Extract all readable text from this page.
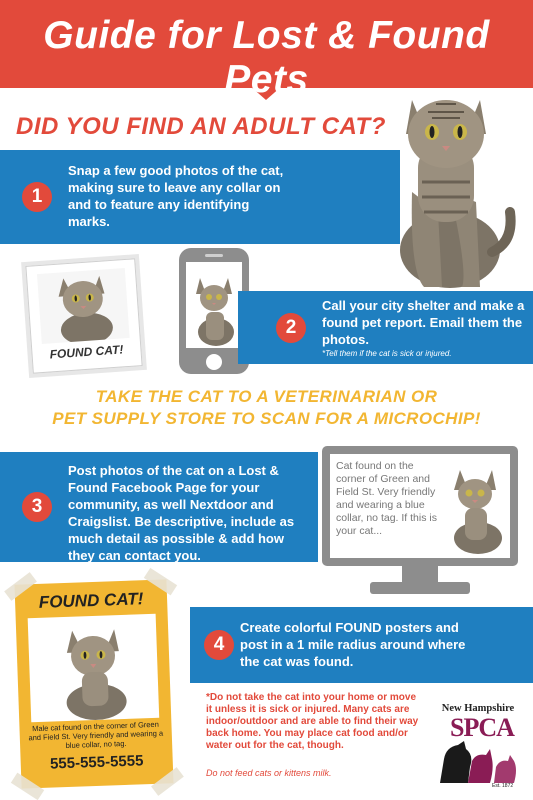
Guide for Lost & Found Pets
DID YOU FIND AN ADULT CAT?
1
Snap a few good photos of the cat, making sure to leave any collar on and to feature any identifying marks.
FOUND CAT!
2
Call your city shelter and make a found pet report. Email them the photos.
*Tell them if the cat is sick or injured.
TAKE THE CAT TO A VETERINARIAN OR
PET SUPPLY STORE TO SCAN FOR A MICROCHIP!
3
Post photos of the cat on a Lost & Found Facebook Page for your community, as well Nextdoor and Craigslist. Be descriptive, include as much detail as possible & add how they can contact you.
Cat found on the corner of Green and Field St. Very friendly and wearing a blue collar, no tag. If this is your cat...
FOUND CAT!
Male cat found on the corner of Green and Field St. Very friendly and wearing a blue collar, no tag.
555-555-5555
4
Create colorful FOUND posters and post in a 1 mile radius around where the cat was found.
*Do not take the cat into your home or move it unless it is sick or injured. Many cats are indoor/outdoor and are able to find their way back home. You may place cat food and/or water out for the cat, though.
Do not feed cats or kittens milk.
New Hampshire
SPCA
Est. 1872
